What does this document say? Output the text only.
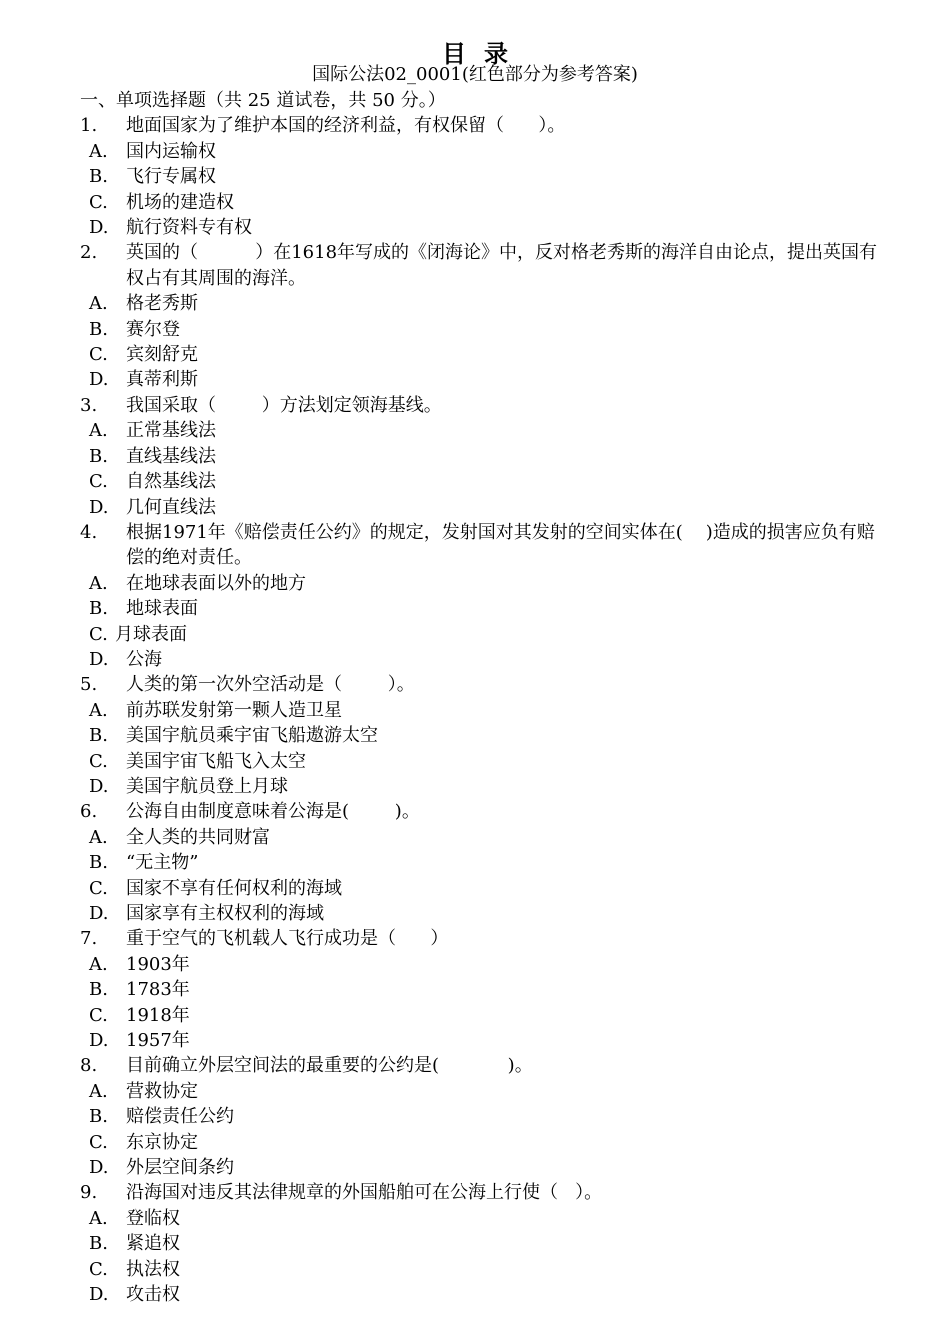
目录
国际公法02_0001(红色部分为参考答案)
一、单项选择题（共 25 道试卷，共 50 分。）
1. 地面国家为了维护本国的经济利益，有权保留（      ）。
A.	国内运输权
B.	飞行专属权
C.	机场的建造权
D. 航行资料专有权
2. 英国的（          ）在1618年写成的《闭海论》中，反对格老秀斯的海洋自由论点，提出英国有权占有其周围的海洋。
A.	格老秀斯
B.	赛尔登
C.	宾刻舒克
D. 真蒂利斯
3. 我国采取（        ）方法划定领海基线。
A.	正常基线法
B.	直线基线法
C.	自然基线法
D. 几何直线法
4. 根据1971年《赔偿责任公约》的规定，发射国对其发射的空间实体在(    )造成的损害应负有赔偿的绝对责任。
A.	在地球表面以外的地方
B.	地球表面
C. 月球表面
D. 公海
5. 人类的第一次外空活动是（        ）。
A.	前苏联发射第一颗人造卫星
B.	美国宇航员乘宇宙飞船遨游太空
C.	美国宇宙飞船飞入太空
D. 美国宇航员登上月球
6. 公海自由制度意味着公海是(        )。
A.	全人类的共同财富
B.	“无主物”
C.	国家不享有任何权利的海域
D. 国家享有主权权利的海域
7. 重于空气的飞机载人飞行成功是（      ）
A.	1903年
B.	1783年
C.	1918年
D. 1957年
8. 目前确立外层空间法的最重要的公约是(            )。
A.	营救协定
B.	赔偿责任公约
C.	东京协定
D. 外层空间条约
9. 沿海国对违反其法律规章的外国船舶可在公海上行使（   ）。
A.	登临权
B.	紧追权
C.	执法权
D. 攻击权
